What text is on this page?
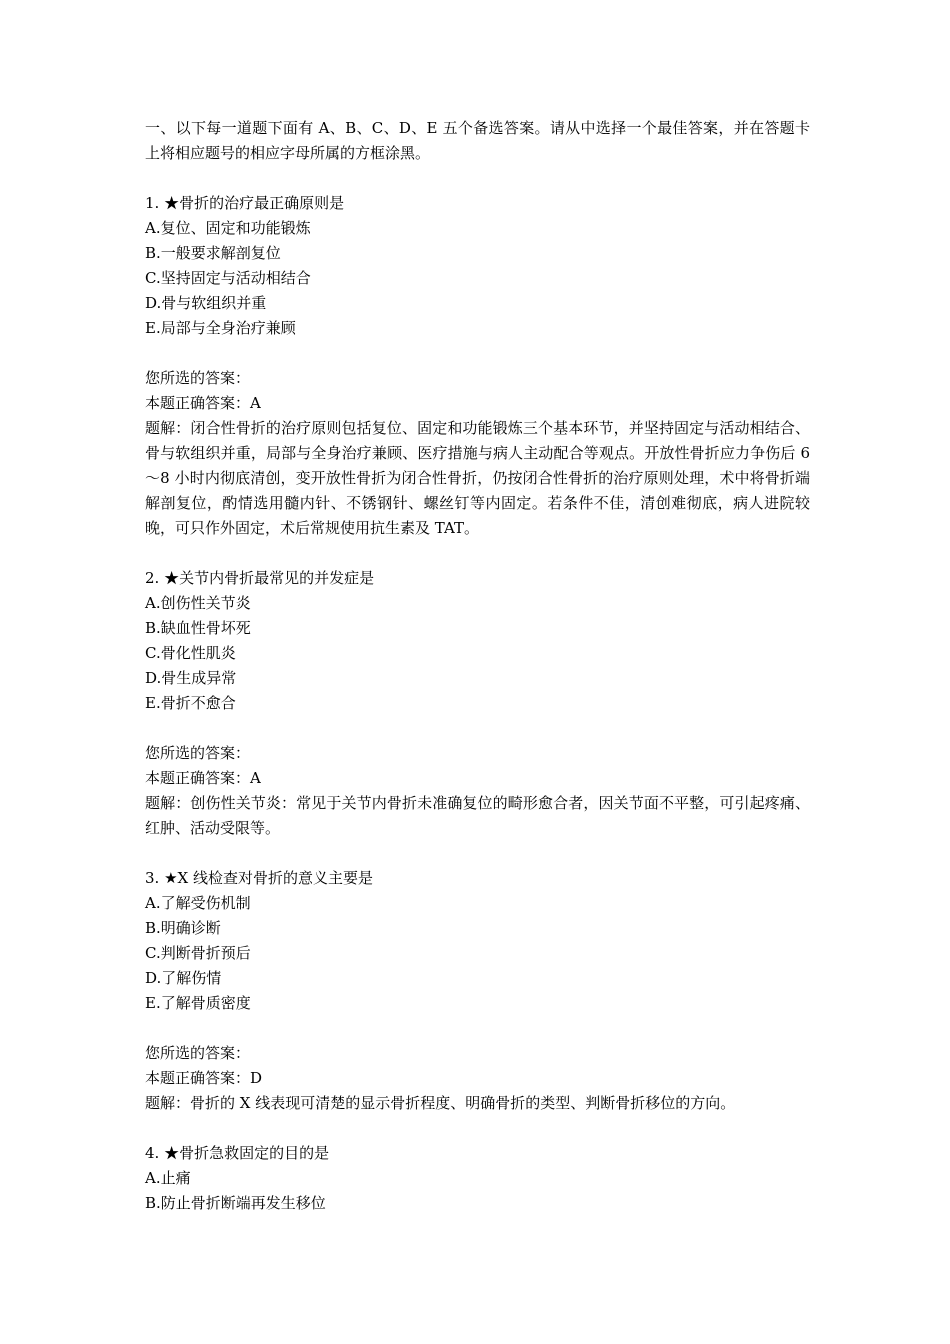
一、以下每一道题下面有 A、B、C、D、E 五个备选答案。请从中选择一个最佳答案，并在答题卡上将相应题号的相应字母所属的方框涂黑。

1. ★骨折的治疗最正确原则是

A.复位、固定和功能锻炼

B.一般要求解剖复位

C.坚持固定与活动相结合

D.骨与软组织并重

E.局部与全身治疗兼顾

您所选的答案：

本题正确答案：A

题解：闭合性骨折的治疗原则包括复位、固定和功能锻炼三个基本环节，并坚持固定与活动相结合、骨与软组织并重，局部与全身治疗兼顾、医疗措施与病人主动配合等观点。开放性骨折应力争伤后 6～8 小时内彻底清创，变开放性骨折为闭合性骨折，仍按闭合性骨折的治疗原则处理，术中将骨折端解剖复位，酌情选用髓内针、不锈钢针、螺丝钉等内固定。若条件不佳，清创难彻底，病人进院较晚，可只作外固定，术后常规使用抗生素及 TAT。

2. ★关节内骨折最常见的并发症是

A.创伤性关节炎

B.缺血性骨坏死

C.骨化性肌炎

D.骨生成异常

E.骨折不愈合

您所选的答案：

本题正确答案：A

题解：创伤性关节炎：常见于关节内骨折未准确复位的畸形愈合者，因关节面不平整，可引起疼痛、红肿、活动受限等。

3. ★X 线检查对骨折的意义主要是

A.了解受伤机制

B.明确诊断

C.判断骨折预后

D.了解伤情

E.了解骨质密度

您所选的答案：

本题正确答案：D

题解：骨折的 X 线表现可清楚的显示骨折程度、明确骨折的类型、判断骨折移位的方向。

4. ★骨折急救固定的目的是

A.止痛

B.防止骨折断端再发生移位
